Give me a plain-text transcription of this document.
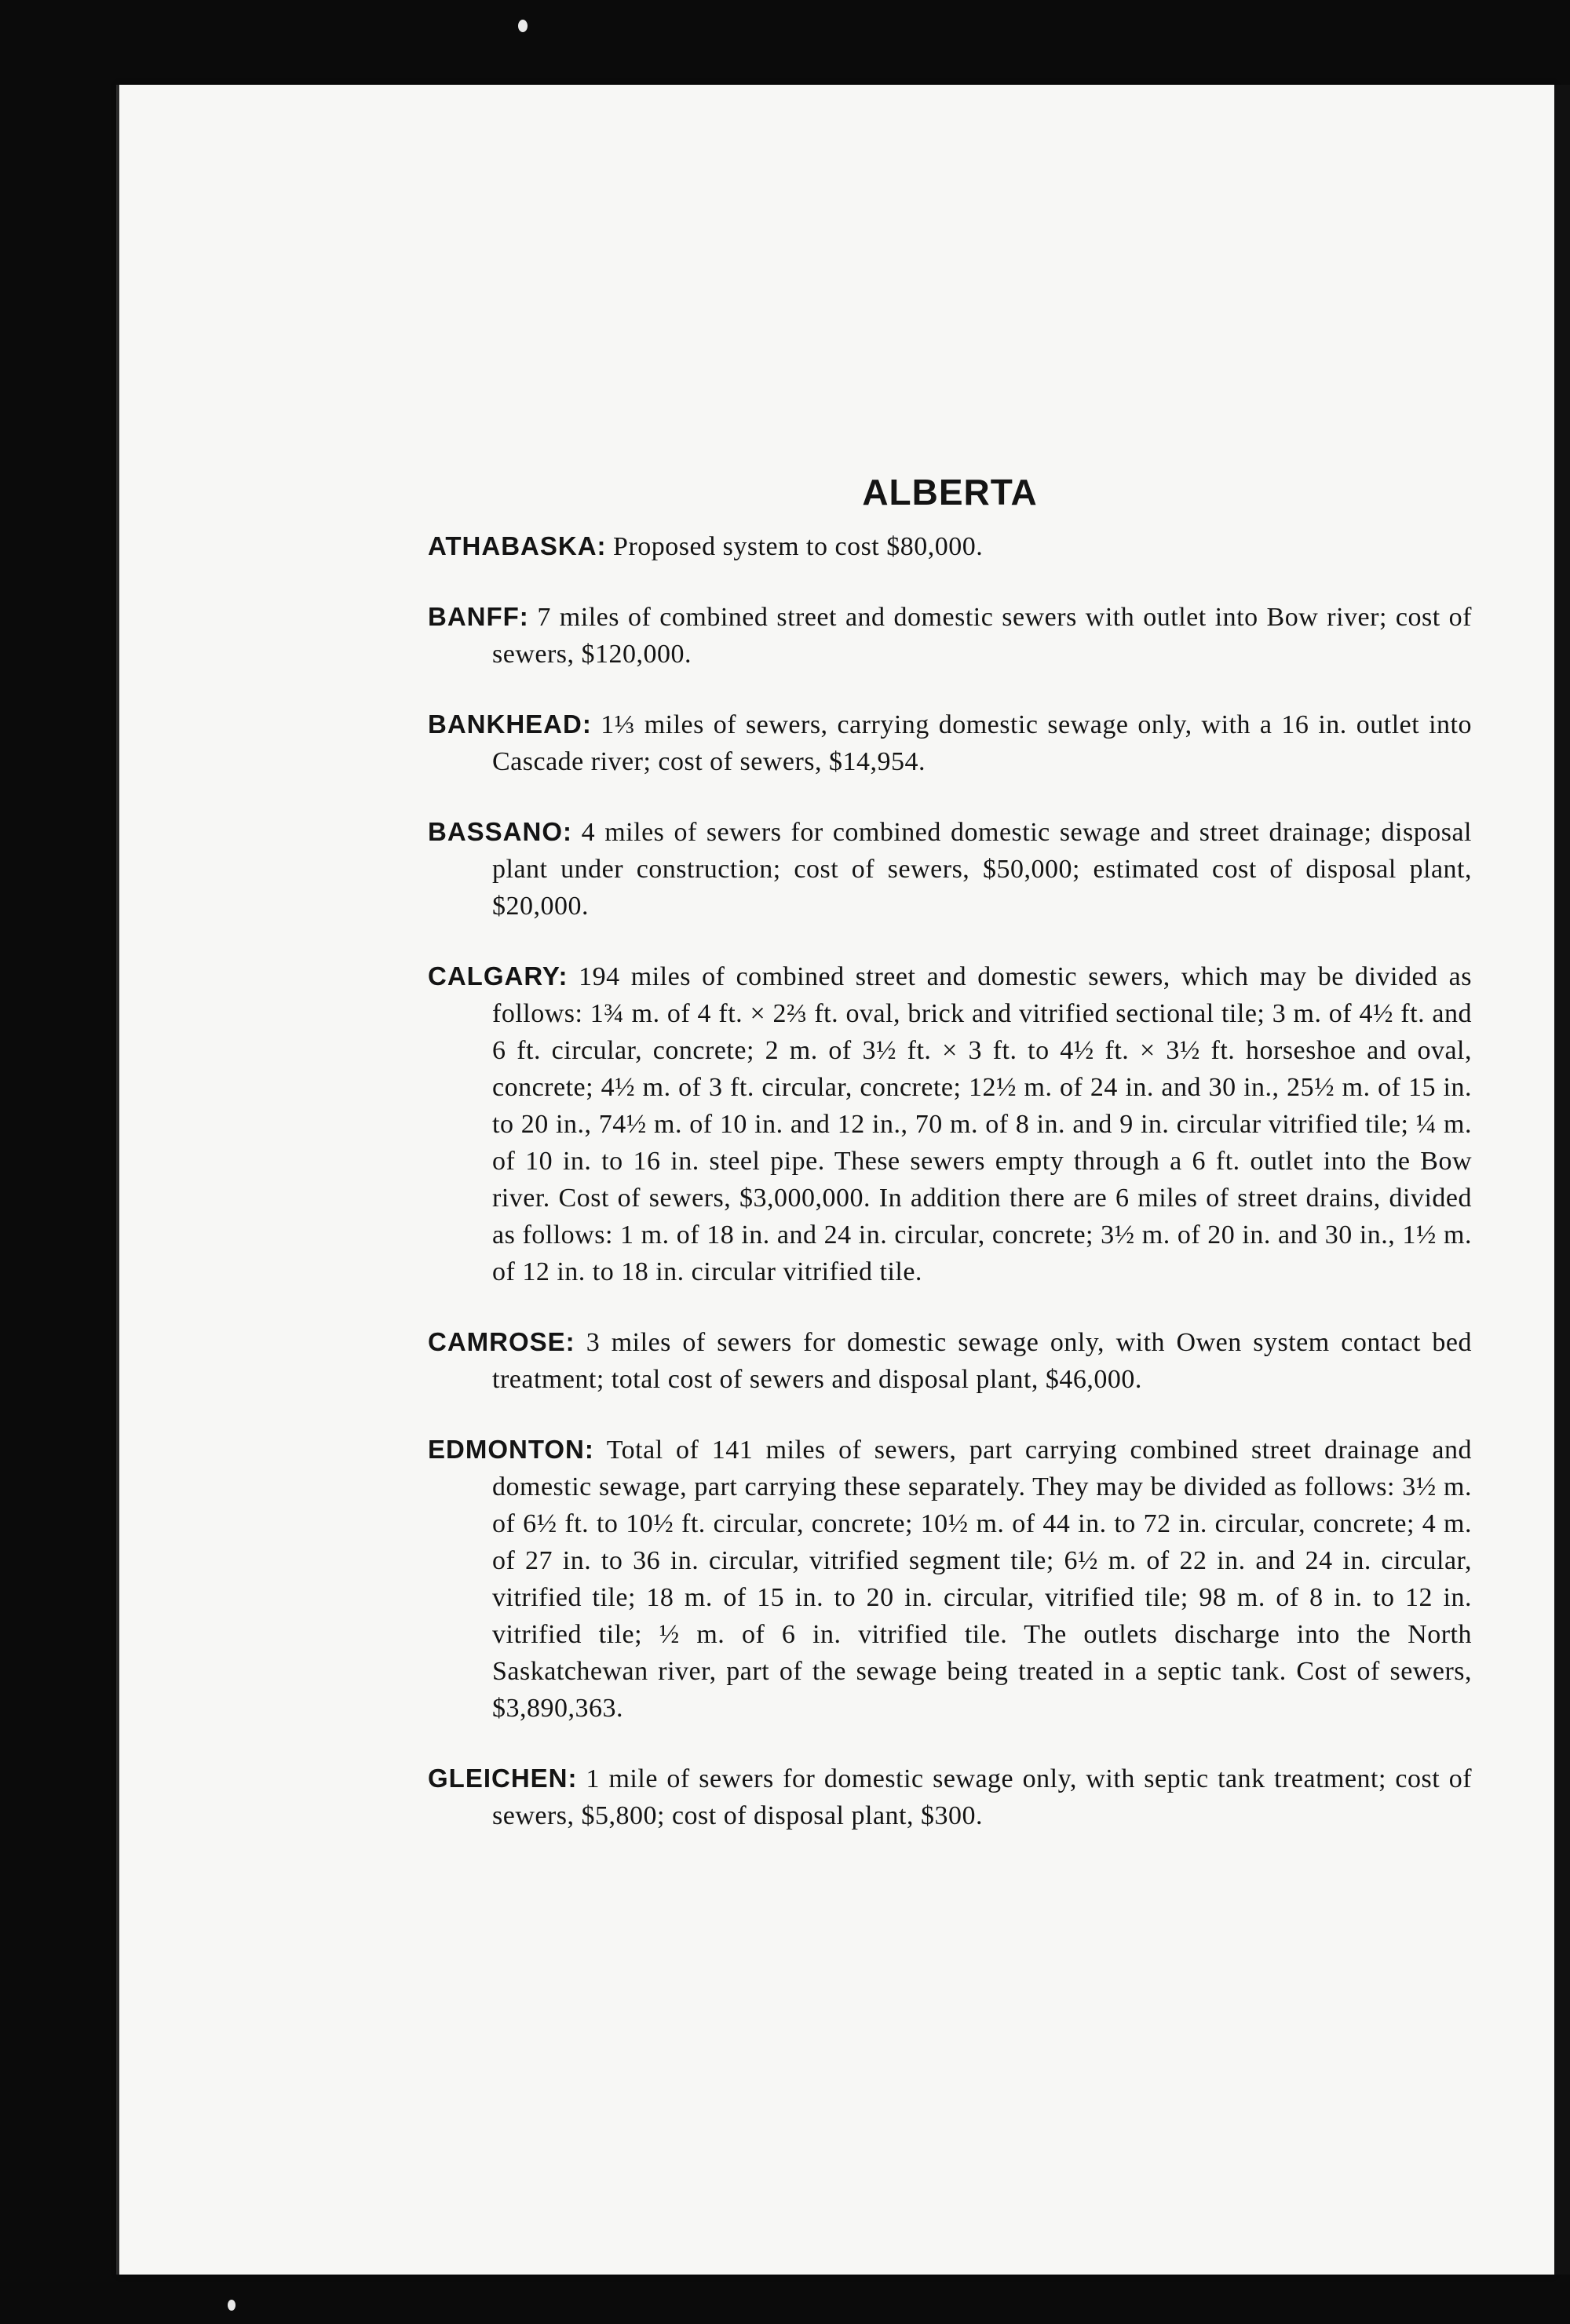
ALBERTA

ATHABASKA: Proposed system to cost $80,000.

BANFF: 7 miles of combined street and domestic sewers with outlet into Bow river; cost of sewers, $120,000.

BANKHEAD: 1⅓ miles of sewers, carrying domestic sewage only, with a 16 in. outlet into Cascade river; cost of sewers, $14,954.

BASSANO: 4 miles of sewers for combined domestic sewage and street drainage; disposal plant under construction; cost of sewers, $50,000; estimated cost of disposal plant, $20,000.

CALGARY: 194 miles of combined street and domestic sewers, which may be divided as follows: 1¾ m. of 4 ft. × 2⅔ ft. oval, brick and vitrified sectional tile; 3 m. of 4½ ft. and 6 ft. circular, concrete; 2 m. of 3½ ft. × 3 ft. to 4½ ft. × 3½ ft. horseshoe and oval, concrete; 4½ m. of 3 ft. circular, concrete; 12½ m. of 24 in. and 30 in., 25½ m. of 15 in. to 20 in., 74½ m. of 10 in. and 12 in., 70 m. of 8 in. and 9 in. circular vitrified tile; ¼ m. of 10 in. to 16 in. steel pipe. These sewers empty through a 6 ft. outlet into the Bow river. Cost of sewers, $3,000,000. In addition there are 6 miles of street drains, divided as follows: 1 m. of 18 in. and 24 in. circular, concrete; 3½ m. of 20 in. and 30 in., 1½ m. of 12 in. to 18 in. circular vitrified tile.

CAMROSE: 3 miles of sewers for domestic sewage only, with Owen system contact bed treatment; total cost of sewers and disposal plant, $46,000.

EDMONTON: Total of 141 miles of sewers, part carrying combined street drainage and domestic sewage, part carrying these separately. They may be divided as follows: 3½ m. of 6½ ft. to 10½ ft. circular, concrete; 10½ m. of 44 in. to 72 in. circular, concrete; 4 m. of 27 in. to 36 in. circular, vitrified segment tile; 6½ m. of 22 in. and 24 in. circular, vitrified tile; 18 m. of 15 in. to 20 in. circular, vitrified tile; 98 m. of 8 in. to 12 in. vitrified tile; ½ m. of 6 in. vitrified tile. The outlets discharge into the North Saskatchewan river, part of the sewage being treated in a septic tank. Cost of sewers, $3,890,363.

GLEICHEN: 1 mile of sewers for domestic sewage only, with septic tank treatment; cost of sewers, $5,800; cost of disposal plant, $300.
